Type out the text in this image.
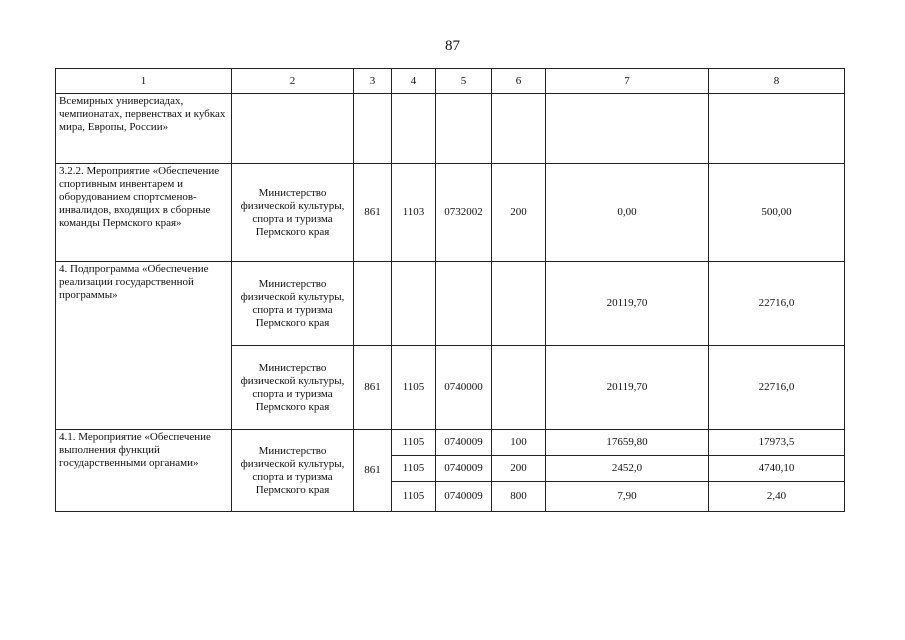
87
1	2	3	4	5	6	7	8
Всемирных универсиадах, чемпионатах, первенствах и кубках мира, Европы, России»							
3.2.2. Мероприятие «Обеспечение спортивным инвентарем и оборудованием спортсменов-инвалидов, входящих в сборные команды Пермского края»	Министерство физической культуры, спорта и туризма Пермского края	861	1103	0732002	200	0,00	500,00
4. Подпрограмма «Обеспечение реализации государственной программы»	Министерство физической культуры, спорта и туризма Пермского края					20119,70	22716,0
	Министерство физической культуры, спорта и туризма Пермского края	861	1105	0740000		20119,70	22716,0
4.1. Мероприятие «Обеспечение выполнения функций государственными органами»	Министерство физической культуры, спорта и туризма Пермского края	861	1105	0740009	100	17659,80	17973,5
			1105	0740009	200	2452,0	4740,10
			1105	0740009	800	7,90	2,40
